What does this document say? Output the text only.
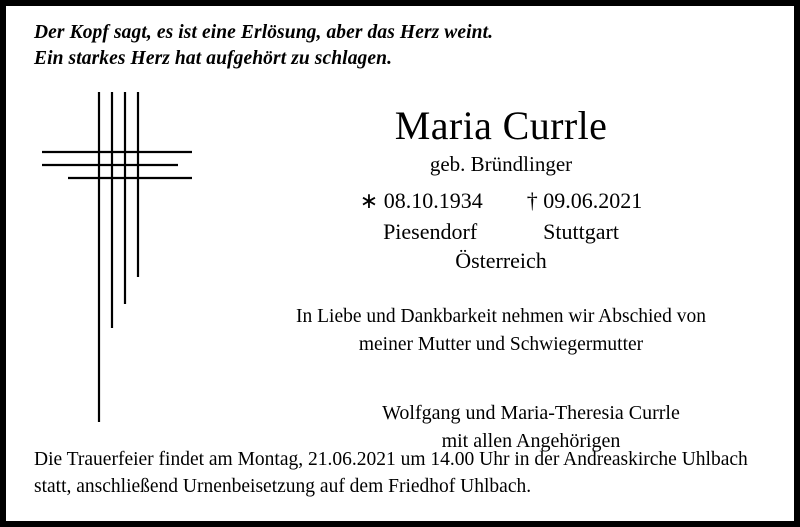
Der Kopf sagt, es ist eine Erlösung, aber das Herz weint.
Ein starkes Herz hat aufgehört zu schlagen.
Maria Currle
geb. Bründlinger
∗ 08.10.1934        † 09.06.2021
Piesendorf            Stuttgart
Österreich
In Liebe und Dankbarkeit nehmen wir Abschied von
meiner Mutter und Schwiegermutter
Wolfgang und Maria-Theresia Currle
mit allen Angehörigen
Die Trauerfeier findet am Montag, 21.06.2021 um 14.00 Uhr in der Andreaskirche Uhlbach
statt, anschließend Urnenbeisetzung auf dem Friedhof Uhlbach.
